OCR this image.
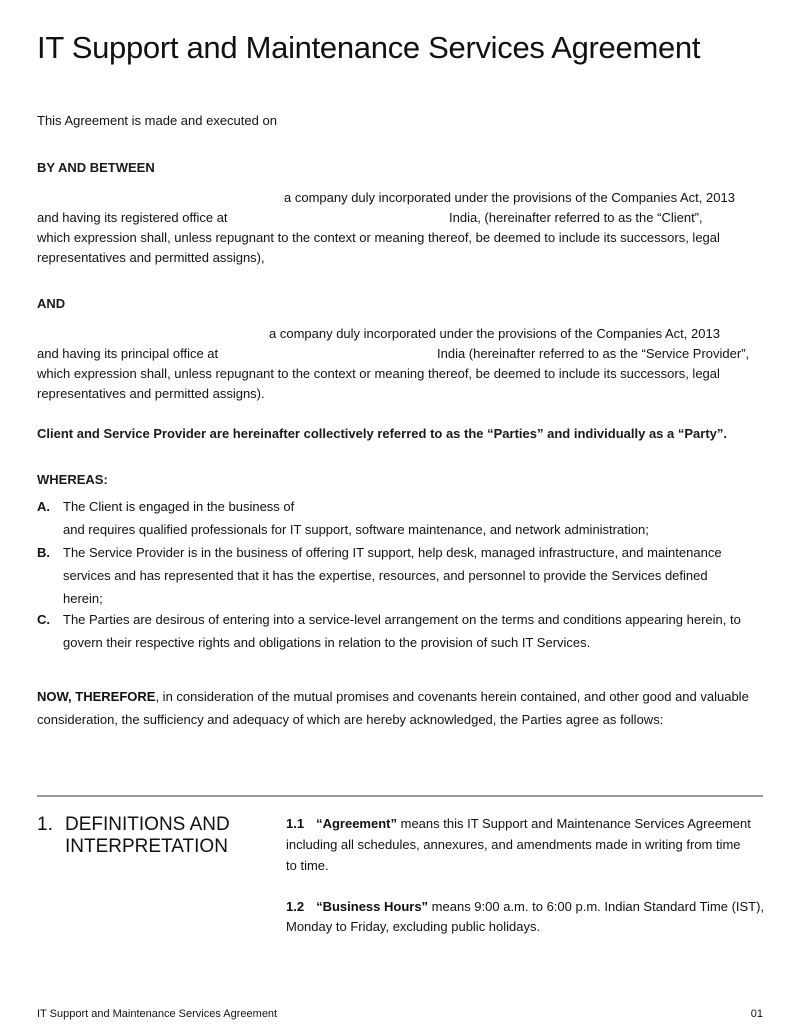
IT Support and Maintenance Services Agreement
This Agreement is made and executed on
BY AND BETWEEN
a company duly incorporated under the provisions of the Companies Act, 2013
and having its registered office at	India, (hereinafter referred to as the “Client”,
which expression shall, unless repugnant to the context or meaning thereof, be deemed to include its successors, legal
representatives and permitted assigns),
AND
a company duly incorporated under the provisions of the Companies Act, 2013
and having its principal office at	India (hereinafter referred to as the “Service Provider”,
which expression shall, unless repugnant to the context or meaning thereof, be deemed to include its successors, legal
representatives and permitted assigns).
Client and Service Provider are hereinafter collectively referred to as the “Parties” and individually as a “Party”.
WHEREAS:
A. The Client is engaged in the business of
and requires qualified professionals for IT support, software maintenance, and network administration;
B. The Service Provider is in the business of offering IT support, help desk, managed infrastructure, and maintenance
services and has represented that it has the expertise, resources, and personnel to provide the Services defined
herein;
C. The Parties are desirous of entering into a service-level arrangement on the terms and conditions appearing herein, to
govern their respective rights and obligations in relation to the provision of such IT Services.
NOW, THEREFORE, in consideration of the mutual promises and covenants herein contained, and other good and valuable
consideration, the sufficiency and adequacy of which are hereby acknowledged, the Parties agree as follows:
1. DEFINITIONS AND
INTERPRETATION
1.1 “Agreement” means this IT Support and Maintenance Services Agreement
including all schedules, annexures, and amendments made in writing from time
to time.
1.2 “Business Hours” means 9:00 a.m. to 6:00 p.m. Indian Standard Time (IST),
Monday to Friday, excluding public holidays.
IT Support and Maintenance Services Agreement	01
